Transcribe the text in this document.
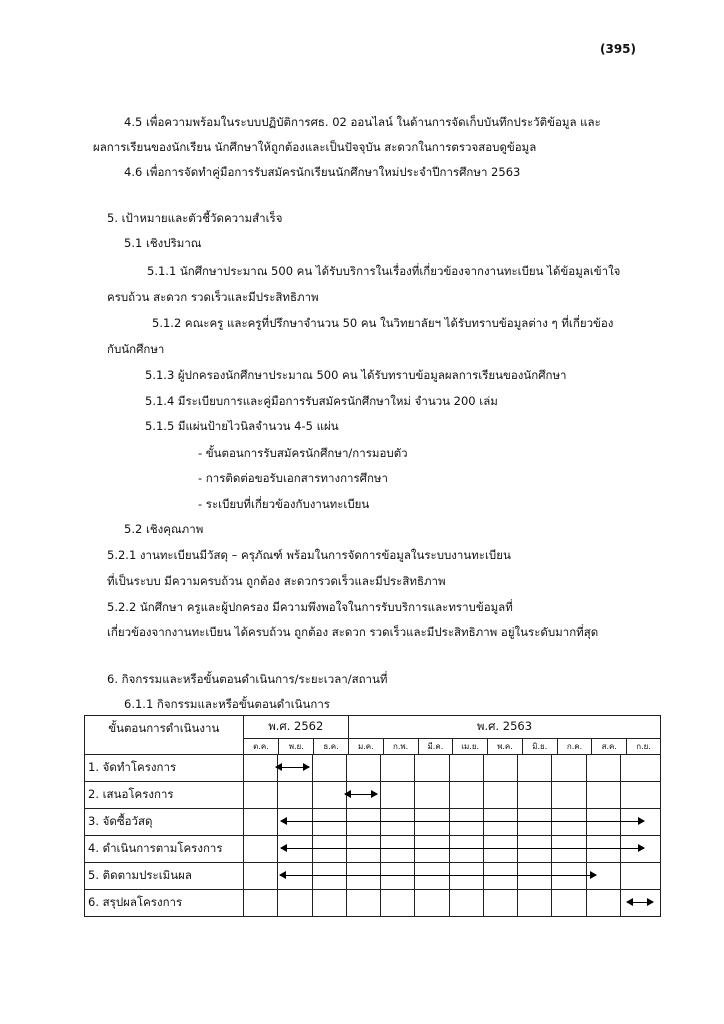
(395)
4.5 เพื่อความพร้อมในระบบปฏิบัติการศธ. 02 ออนไลน์ ในด้านการจัดเก็บบันทึกประวัติข้อมูล และ
ผลการเรียนของนักเรียน นักศึกษาให้ถูกต้องและเป็นปัจจุบัน สะดวกในการตรวจสอบดูข้อมูล
4.6 เพื่อการจัดทำคู่มือการรับสมัครนักเรียนนักศึกษาใหม่ประจำปีการศึกษา 2563
5. เป้าหมายและตัวชี้วัดความสำเร็จ
5.1 เชิงปริมาณ
5.1.1 นักศึกษาประมาณ 500 คน ได้รับบริการในเรื่องที่เกี่ยวข้องจากงานทะเบียน ได้ข้อมูลเข้าใจ
ครบถ้วน สะดวก รวดเร็วและมีประสิทธิภาพ
5.1.2 คณะครู และครูที่ปรึกษาจำนวน 50 คน ในวิทยาลัยฯ ได้รับทราบข้อมูลต่าง ๆ ที่เกี่ยวข้อง
กับนักศึกษา
5.1.3 ผู้ปกครองนักศึกษาประมาณ 500 คน ได้รับทราบข้อมูลผลการเรียนของนักศึกษา
5.1.4 มีระเบียบการและคู่มือการรับสมัครนักศึกษาใหม่ จำนวน 200 เล่ม
5.1.5 มีแผ่นป้ายไวนิลจำนวน 4-5 แผ่น
- ขั้นตอนการรับสมัครนักศึกษา/การมอบตัว
- การติดต่อขอรับเอกสารทางการศึกษา
- ระเบียบที่เกี่ยวข้องกับงานทะเบียน
5.2 เชิงคุณภาพ
5.2.1 งานทะเบียนมีวัสดุ – ครุภัณฑ์ พร้อมในการจัดการข้อมูลในระบบงานทะเบียน
ที่เป็นระบบ มีความครบถ้วน ถูกต้อง สะดวกรวดเร็วและมีประสิทธิภาพ
5.2.2 นักศึกษา ครูและผู้ปกครอง มีความพึงพอใจในการรับบริการและทราบข้อมูลที่
เกี่ยวข้องจากงานทะเบียน ได้ครบถ้วน ถูกต้อง สะดวก รวดเร็วและมีประสิทธิภาพ อยู่ในระดับมากที่สุด
6. กิจกรรมและหรือขั้นตอนดำเนินการ/ระยะเวลา/สถานที่
6.1.1 กิจกรรมและหรือขั้นตอนดำเนินการ
ขั้นตอนการดำเนินงาน	พ.ศ. 2562			พ.ศ. 2563								
	ต.ค.	พ.ย.	ธ.ค.	ม.ค.	ก.พ.	มี.ค.	เม.ย.	พ.ค.	มิ.ย.	ก.ค.	ส.ค.	ก.ย.
1. จัดทำโครงการ												

2. เสนอโครงการ												

3. จัดซื้อวัสดุ												

4. ดำเนินการตามโครงการ												

5. ติดตามประเมินผล												

6. สรุปผลโครงการ												
